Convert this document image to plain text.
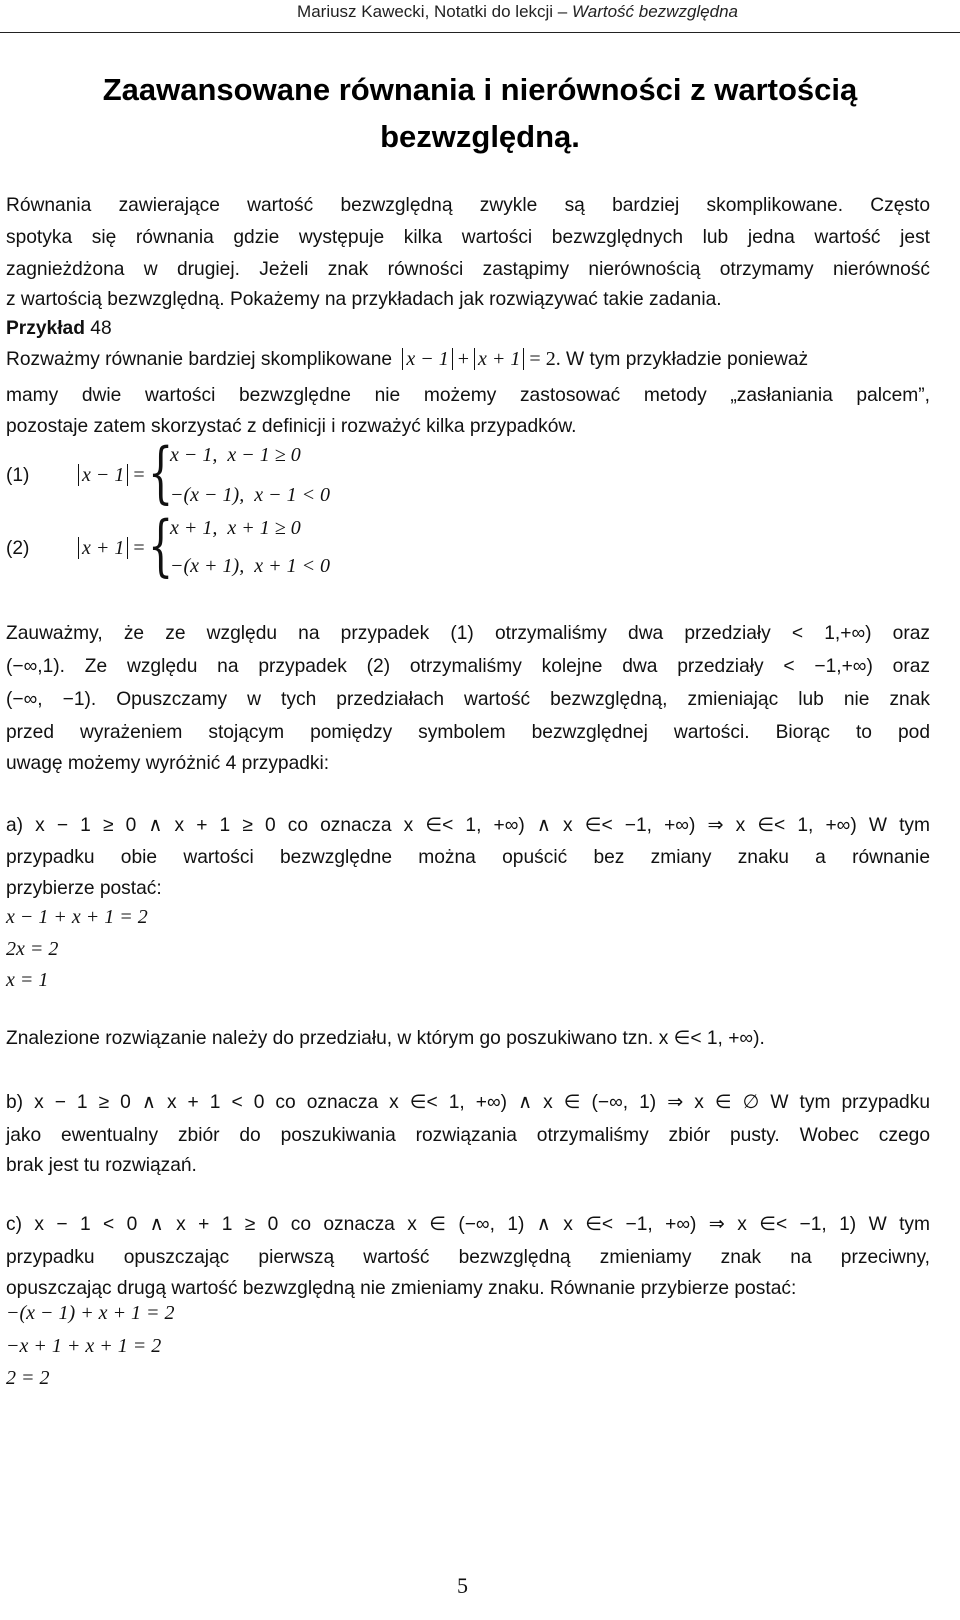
Mariusz Kawecki, Notatki do lekcji – Wartość bezwzględna
Zaawansowane równania i nierówności z wartością
bezwzględną.
Równania zawierające wartość bezwzględną zwykle są bardziej skomplikowane. Często
spotyka się równania gdzie występuje kilka wartości bezwzględnych lub jedna wartość jest
zagnieżdżona w drugiej. Jeżeli znak równości zastąpimy nierównością otrzymamy nierówność
z wartością bezwzględną. Pokażemy na przykładach jak rozwiązywać takie zadania.
Przykład 48
Rozważmy równanie bardziej skomplikowane x − 1 + x + 1 = 2. W tym przykładzie ponieważ
mamy dwie wartości bezwzględne nie możemy zastosować metody „zasłaniania palcem”,
pozostaje zatem skorzystać z definicji i rozważyć kilka przypadków.
(1)	x − 1 = {
x − 1,  x − 1 ≥ 0
−(x − 1),  x − 1 < 0
(2)	x + 1 = {
x + 1,  x + 1 ≥ 0
−(x + 1),  x + 1 < 0
Zauważmy, że ze względu na przypadek (1) otrzymaliśmy dwa przedziały < 1,+∞) oraz
(−∞,1). Ze względu na przypadek (2) otrzymaliśmy kolejne dwa przedziały < −1,+∞) oraz
(−∞, −1). Opuszczamy w tych przedziałach wartość bezwzględną, zmieniając lub nie znak
przed wyrażeniem stojącym pomiędzy symbolem bezwzględnej wartości. Biorąc to pod
uwagę możemy wyróżnić 4 przypadki:
a) x − 1 ≥ 0 ∧ x + 1 ≥ 0 co oznacza x ∈< 1, +∞) ∧ x ∈< −1, +∞) ⇒ x ∈< 1, +∞) W tym
przypadku obie wartości bezwzględne można opuścić bez zmiany znaku a równanie
przybierze postać:
x − 1 + x + 1 = 2
2x = 2
x = 1
Znalezione rozwiązanie należy do przedziału, w którym go poszukiwano tzn. x ∈< 1, +∞).
b) x − 1 ≥ 0 ∧ x + 1 < 0 co oznacza x ∈< 1, +∞) ∧ x ∈ (−∞, 1) ⇒ x ∈ ∅ W tym przypadku
jako ewentualny zbiór do poszukiwania rozwiązania otrzymaliśmy zbiór pusty. Wobec czego
brak jest tu rozwiązań.
c) x − 1 < 0 ∧ x + 1 ≥ 0 co oznacza x ∈ (−∞, 1) ∧ x ∈< −1, +∞) ⇒ x ∈< −1, 1) W tym
przypadku opuszczając pierwszą wartość bezwzględną zmieniamy znak na przeciwny,
opuszczając drugą wartość bezwzględną nie zmieniamy znaku. Równanie przybierze postać:
−(x − 1) + x + 1 = 2
−x + 1 + x + 1 = 2
2 = 2
5
